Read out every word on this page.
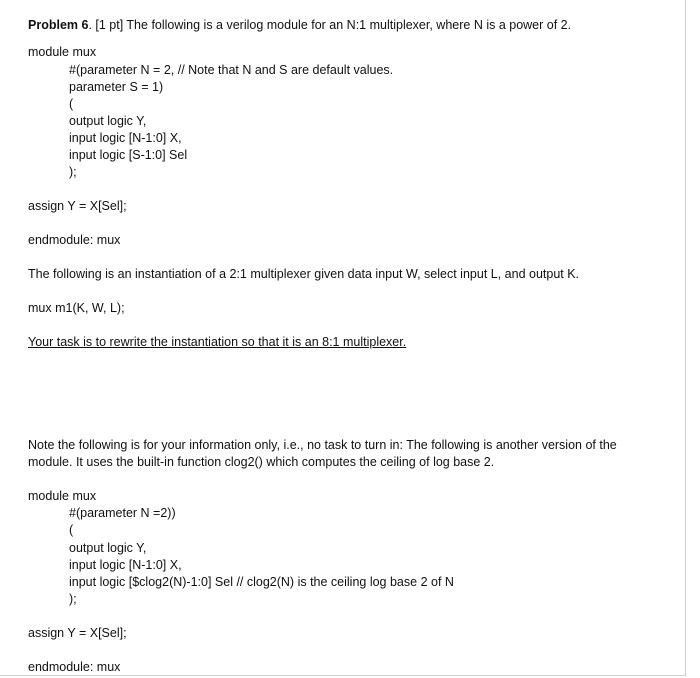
Problem 6. [1 pt] The following is a verilog module for an N:1 multiplexer, where N is a power of 2.
module mux
#(parameter N = 2, // Note that N and S are default values.
parameter S = 1)
(
output logic Y,
input logic [N-1:0] X,
input logic [S-1:0] Sel
);
assign Y = X[Sel];
endmodule: mux
The following is an instantiation of a 2:1 multiplexer given data input W, select input L, and output K.
mux m1(K, W, L);
Your task is to rewrite the instantiation so that it is an 8:1 multiplexer.
Note the following is for your information only, i.e., no task to turn in: The following is another version of the
module. It uses the built-in function clog2() which computes the ceiling of log base 2.
module mux
#(parameter N =2))
(
output logic Y,
input logic [N-1:0] X,
input logic [$clog2(N)-1:0] Sel // clog2(N) is the ceiling log base 2 of N
);
assign Y = X[Sel];
endmodule: mux
